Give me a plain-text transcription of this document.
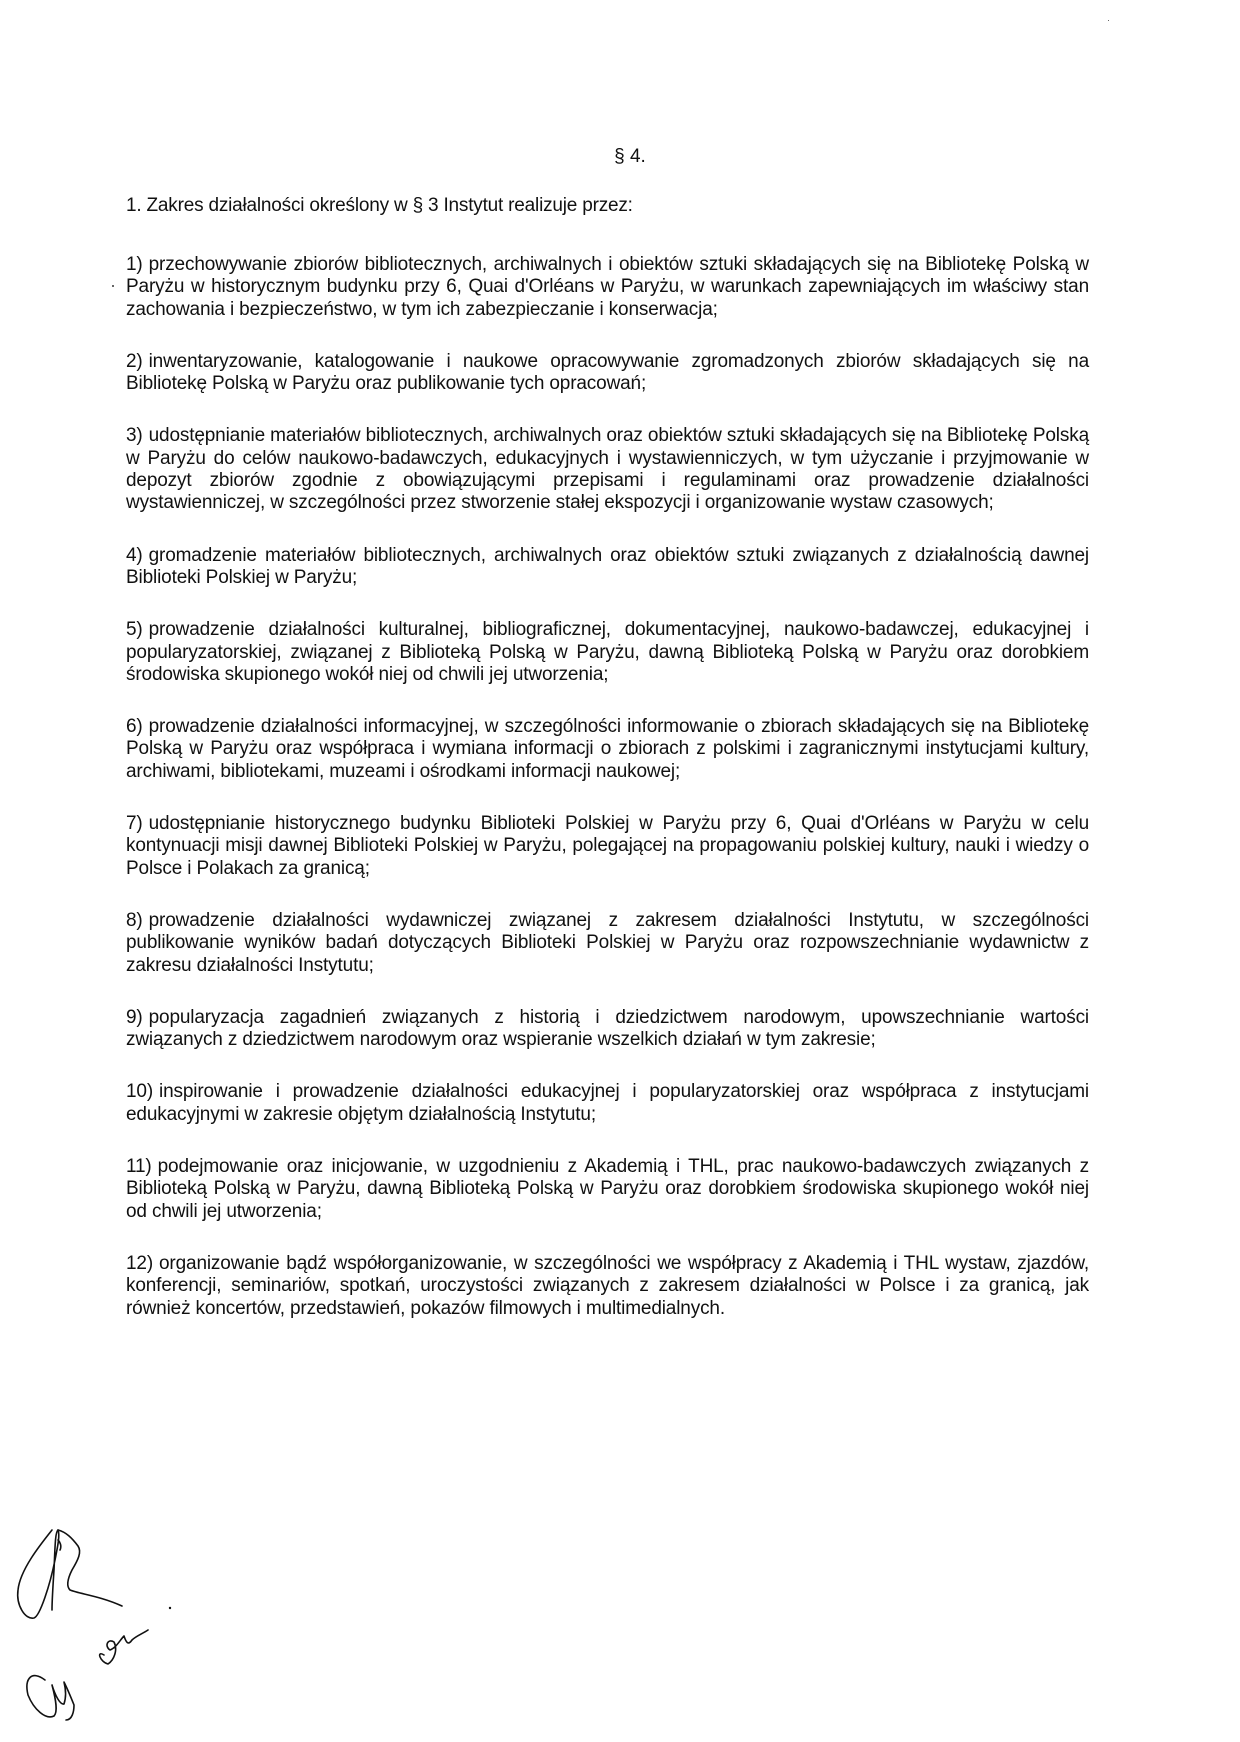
§ 4.
1. Zakres działalności określony w § 3 Instytut realizuje przez:

1) przechowywanie zbiorów bibliotecznych, archiwalnych i obiektów sztuki składających się na Bibliotekę Polską w Paryżu w historycznym budynku przy 6, Quai d'Orléans w Paryżu, w warunkach zapewniających im właściwy stan zachowania i bezpieczeństwo, w tym ich zabezpieczanie i konserwacja;

2) inwentaryzowanie, katalogowanie i naukowe opracowywanie zgromadzonych zbiorów składających się na Bibliotekę Polską w Paryżu oraz publikowanie tych opracowań;

3) udostępnianie materiałów bibliotecznych, archiwalnych oraz obiektów sztuki składających się na Bibliotekę Polską w Paryżu do celów naukowo-badawczych, edukacyjnych i wystawienniczych, w tym użyczanie i przyjmowanie w depozyt zbiorów zgodnie z obowiązującymi przepisami i regulaminami oraz prowadzenie działalności wystawienniczej, w szczególności przez stworzenie stałej ekspozycji i organizowanie wystaw czasowych;

4) gromadzenie materiałów bibliotecznych, archiwalnych oraz obiektów sztuki związanych z działalnością dawnej Biblioteki Polskiej w Paryżu;

5) prowadzenie działalności kulturalnej, bibliograficznej, dokumentacyjnej, naukowo-badawczej, edukacyjnej i popularyzatorskiej, związanej z Biblioteką Polską w Paryżu, dawną Biblioteką Polską w Paryżu oraz dorobkiem środowiska skupionego wokół niej od chwili jej utworzenia;

6) prowadzenie działalności informacyjnej, w szczególności informowanie o zbiorach składających się na Bibliotekę Polską w Paryżu oraz współpraca i wymiana informacji o zbiorach z polskimi i zagranicznymi instytucjami kultury, archiwami, bibliotekami, muzeami i ośrodkami informacji naukowej;

7) udostępnianie historycznego budynku Biblioteki Polskiej w Paryżu przy 6, Quai d'Orléans w Paryżu w celu kontynuacji misji dawnej Biblioteki Polskiej w Paryżu, polegającej na propagowaniu polskiej kultury, nauki i wiedzy o Polsce i Polakach za granicą;

8) prowadzenie działalności wydawniczej związanej z zakresem działalności Instytutu, w szczególności publikowanie wyników badań dotyczących Biblioteki Polskiej w Paryżu oraz rozpowszechnianie wydawnictw z zakresu działalności Instytutu;

9) popularyzacja zagadnień związanych z historią i dziedzictwem narodowym, upowszechnianie wartości związanych z dziedzictwem narodowym oraz wspieranie wszelkich działań w tym zakresie;

10) inspirowanie i prowadzenie działalności edukacyjnej i popularyzatorskiej oraz współpraca z instytucjami edukacyjnymi w zakresie objętym działalnością Instytutu;

11) podejmowanie oraz inicjowanie, w uzgodnieniu z Akademią i THL, prac naukowo-badawczych związanych z Biblioteką Polską w Paryżu, dawną Biblioteką Polską w Paryżu oraz dorobkiem środowiska skupionego wokół niej od chwili jej utworzenia;

12) organizowanie bądź współorganizowanie, w szczególności we współpracy z Akademią i THL wystaw, zjazdów, konferencji, seminariów, spotkań, uroczystości związanych z zakresem działalności w Polsce i za granicą, jak również koncertów, przedstawień, pokazów filmowych i multimedialnych.
